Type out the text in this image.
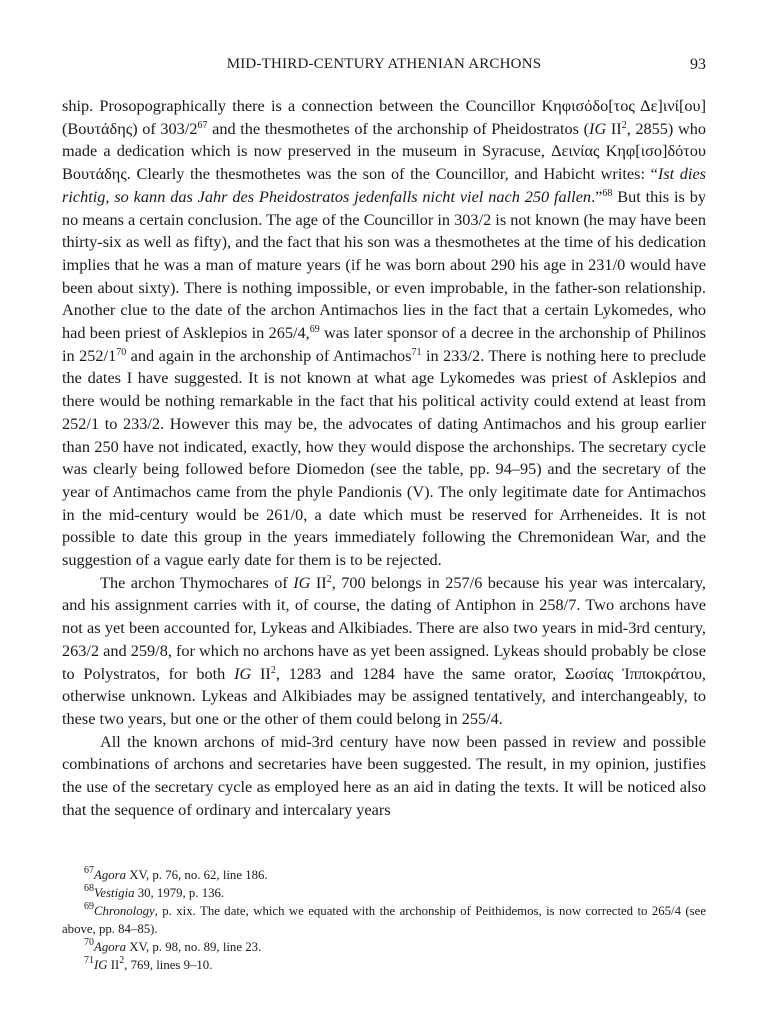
MID-THIRD-CENTURY ATHENIAN ARCHONS	93

ship. Prosopographically there is a connection between the Councillor Κηφισόδο[τος Δε]ινί[ου] (Βουτάδης) of $303/2^{67}$ and the thesmothetes of the archonship of Pheidostratos (IG $II^2$, 2855) who made a dedication which is now preserved in the museum in Syracuse, Δεινίας Κηφ[ισο]δότου Βουτάδης. Clearly the thesmothetes was the son of the Councillor, and Habicht writes: “Ist dies richtig, so kann das Jahr des Pheidostratos jedenfalls nicht viel nach 250 fallen.”$^{68}$ But this is by no means a certain conclusion. The age of the Councillor in 303/2 is not known (he may have been thirty-six as well as fifty), and the fact that his son was a thesmothetes at the time of his dedication implies that he was a man of mature years (if he was born about 290 his age in 231/0 would have been about sixty). There is nothing impossible, or even improbable, in the father-son relationship. Another clue to the date of the archon Antimachos lies in the fact that a certain Lykomedes, who had been priest of Asklepios in 265/4,69 was later sponsor of a decree in the archonship of Philinos in $252/1^{70}$ and again in the archonship of Antimachos$^{71}$ in 233/2. There is nothing here to preclude the dates I have suggested. It is not known at what age Lykomedes was priest of Asklepios and there would be nothing remarkable in the fact that his political activity could extend at least from 252/1 to 233/2. However this may be, the advocates of dating Antimachos and his group earlier than 250 have not indicated, exactly, how they would dispose the archonships. The secretary cycle was clearly being followed before Diomedon (see the table, pp. 94–95) and the secretary of the year of Antimachos came from the phyle Pandionis (V). The only legitimate date for Antimachos in the mid-century would be 261/0, a date which must be reserved for Arrheneides. It is not possible to date this group in the years immediately following the Chremonidean War, and the suggestion of a vague early date for them is to be rejected.

The archon Thymochares of IG $II^2$, 700 belongs in 257/6 because his year was intercalary, and his assignment carries with it, of course, the dating of Antiphon in 258/7. Two archons have not as yet been accounted for, Lykeas and Alkibiades. There are also two years in mid-3rd century, 263/2 and 259/8, for which no archons have as yet been assigned. Lykeas should probably be close to Polystratos, for both IG $II^2$, 1283 and 1284 have the same orator, Σωσίας Ἱπποκράτου, otherwise unknown. Lykeas and Alkibiades may be assigned tentatively, and interchangeably, to these two years, but one or the other of them could belong in 255/4.

All the known archons of mid-3rd century have now been passed in review and possible combinations of archons and secretaries have been suggested. The result, in my opinion, justifies the use of the secretary cycle as employed here as an aid in dating the texts. It will be noticed also that the sequence of ordinary and intercalary years

$^{67}$Agora XV, p. 76, no. 62, line 186.

$^{68}$Vestigia 30, 1979, p. 136.

$^{69}$Chronology, p. xix. The date, which we equated with the archonship of Peithidemos, is now corrected to 265/4 (see above, pp. 84–85).

$^{70}$Agora XV, p. 98, no. 89, line 23.

$^{71}$IG $II^2$, 769, lines 9–10.
